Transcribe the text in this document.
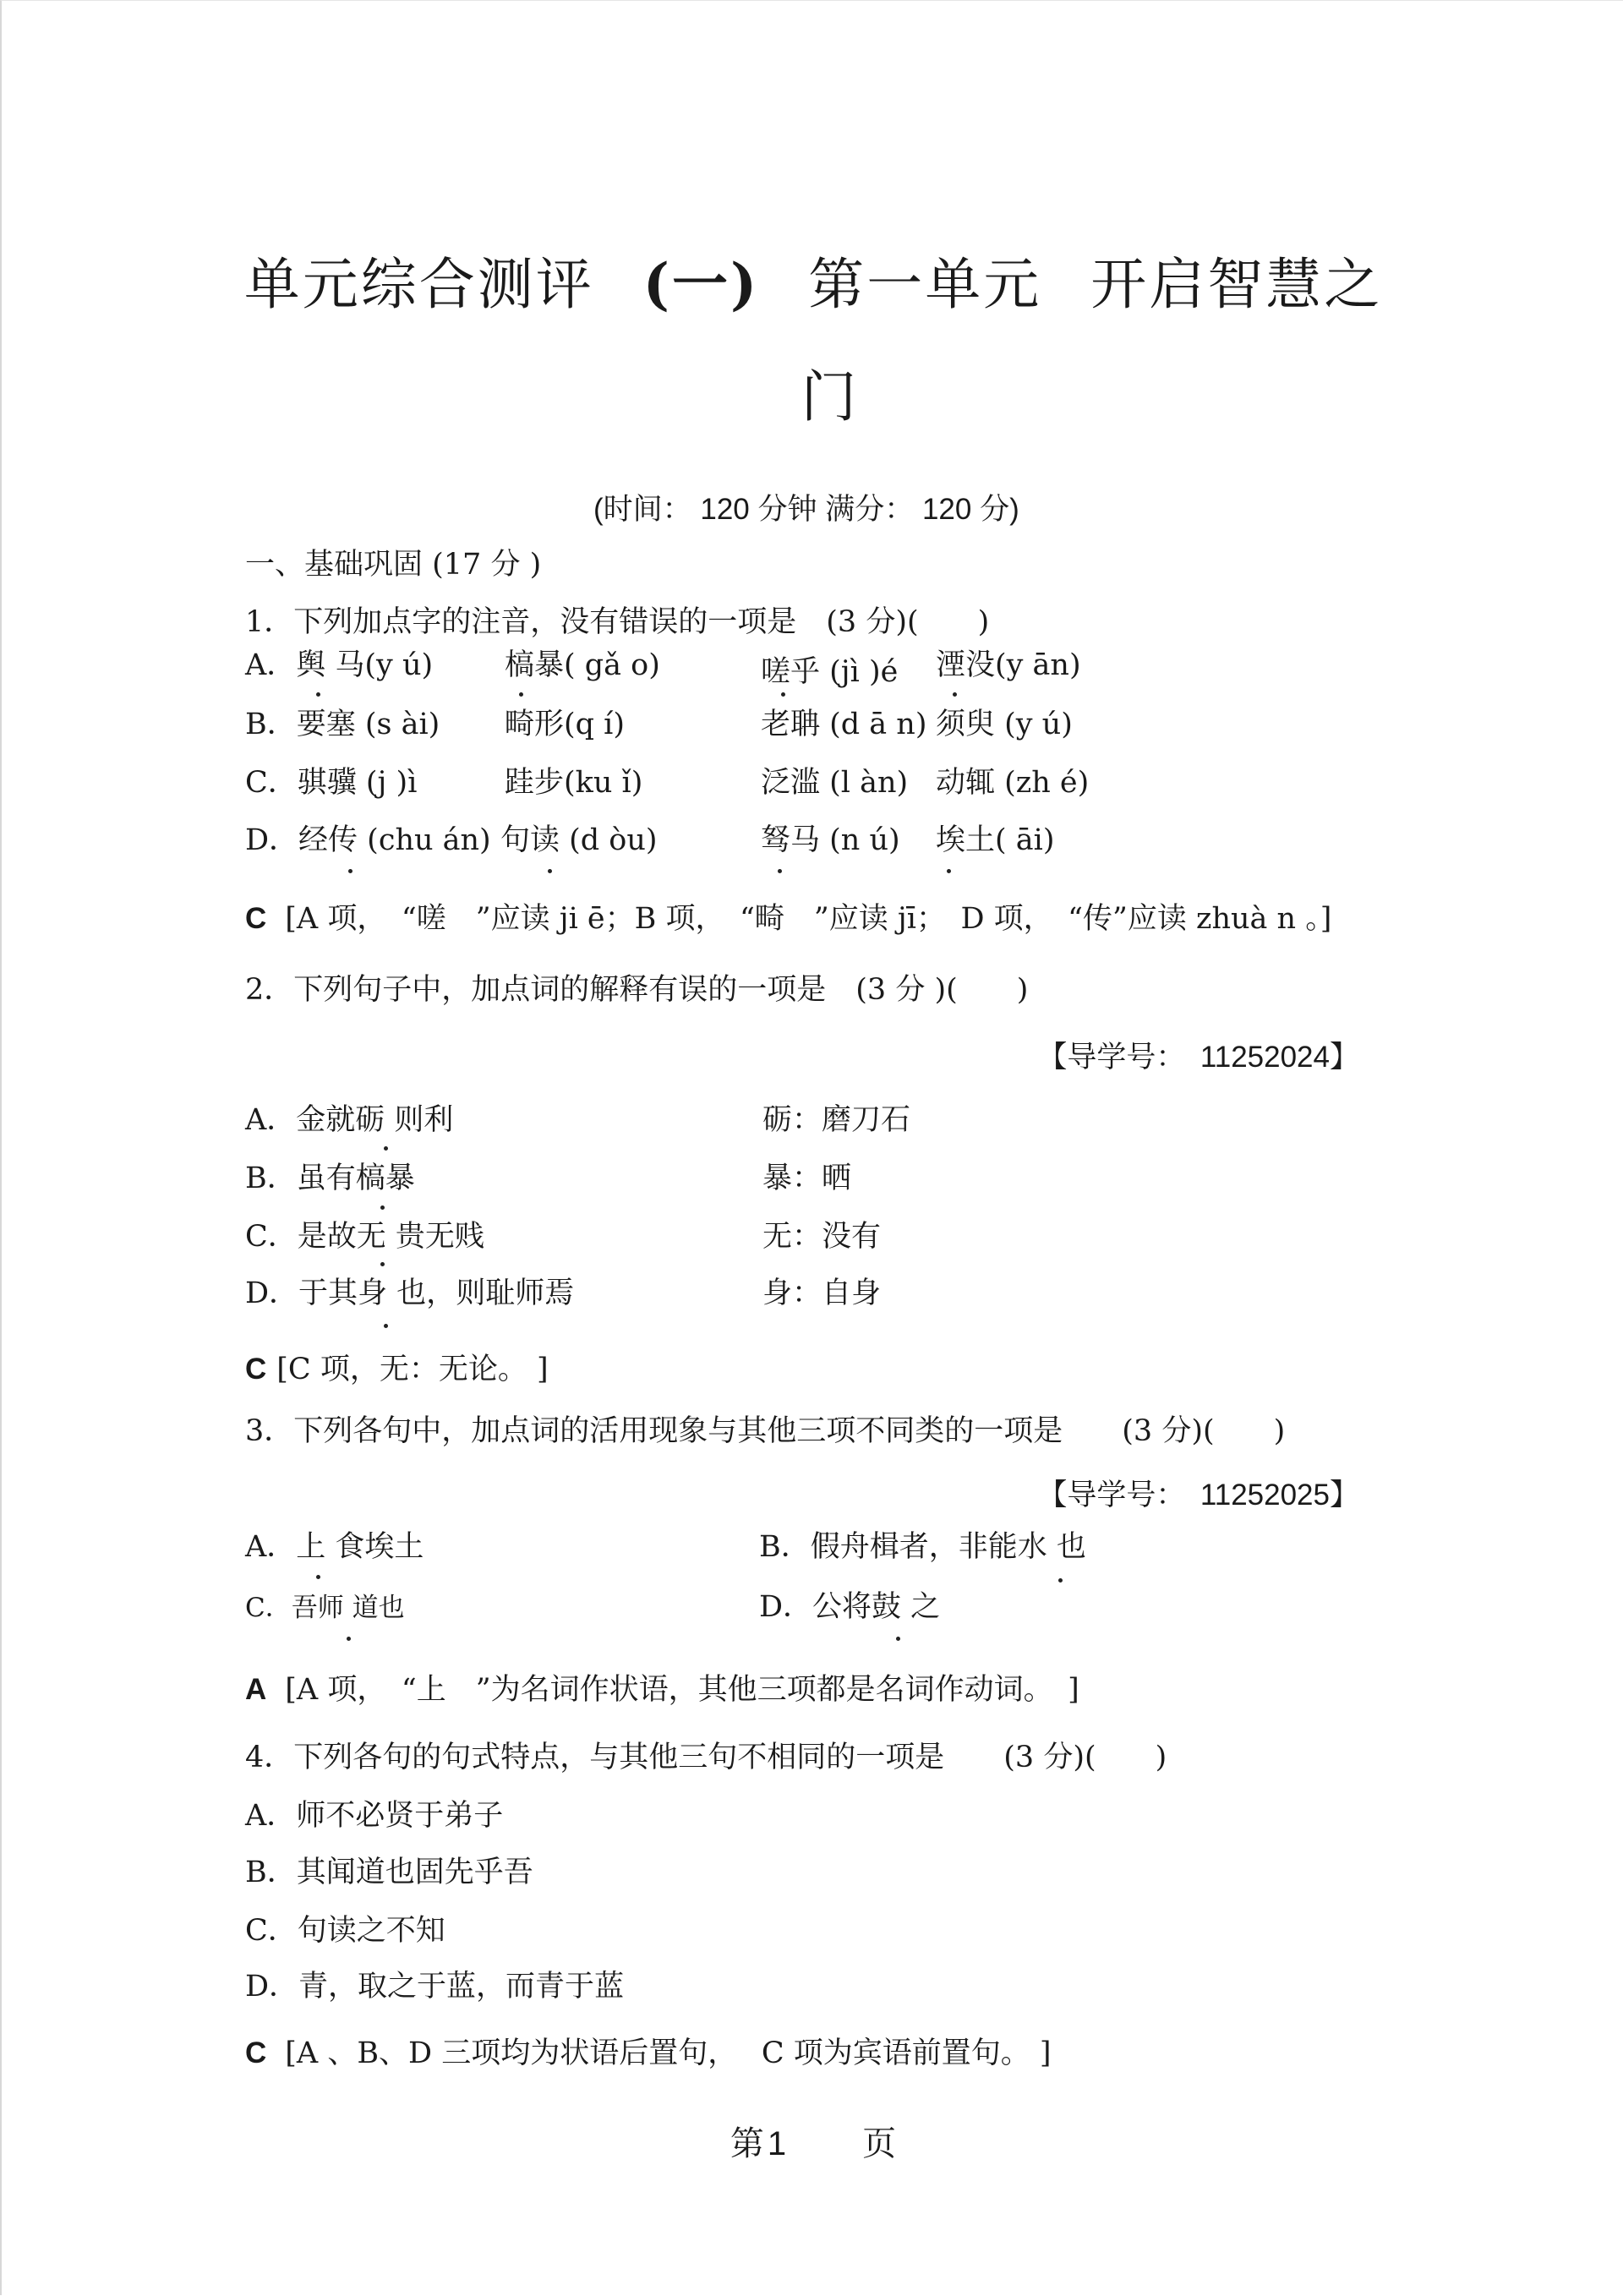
单元综合测评 (一) 第一单元 开启智慧之
门
(时间： 120 分钟 满分： 120 分)
一、基础巩固 (17 分 )
1．下列加点字的注音，没有错误的一项是　(3 分)(　　)
A．舆 马(y ú) 槁暴( gǎ o)	嗟乎 (jì )é 湮没(y ān)
B．要塞 (s ài) 畸形(q í)	老聃 (d ā n) 须臾 (y ú)
C．骐骥 (j )ì	跬步(ku ǐ)	泛滥 (l àn) 动辄 (zh é)
D．经传 (chu án) 句读 (d òu)	驽马 (n ú) 埃土( āi)
C [A 项，　“嗟　”应读 ji ē；B 项，　“畸　”应读 jī；　D 项，　“传”应读 zhuà n 。]
2．下列句子中，加点词的解释有误的一项是　(3 分 )(　　)
【导学号：　11252024】
A．金就砺 则利	砺：磨刀石
B．虽有槁暴	暴：晒
C．是故无 贵无贱	无：没有
D．于其身 也，则耻师焉	身：自身
C [C 项，无：无论。 ]
3．下列各句中，加点词的活用现象与其他三项不同类的一项是　　(3 分)(　　)
【导学号：　11252025】
A．上 食埃土	B．假舟楫者，非能水 也
C．吾师 道也	D．公将鼓 之
A [A 项，　“上　”为名词作状语，其他三项都是名词作动词。　]
4．下列各句的句式特点，与其他三句不相同的一项是　　(3 分)(　　)
A．师不必贤于弟子
B．其闻道也固先乎吾
C．句读之不知
D．青，取之于蓝，而青于蓝
C [A 、B、D 三项均为状语后置句，　 C 项为宾语前置句。 ]
第 1 页
